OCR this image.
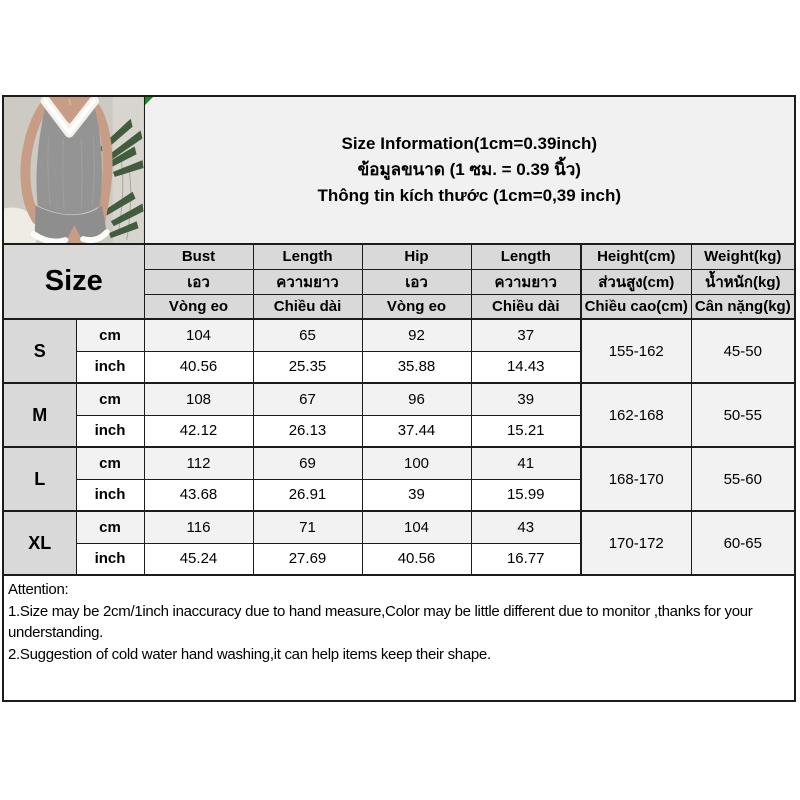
Size Information(1cm=0.39inch)
ข้อมูลขนาด (1 ซม. = 0.39 นิ้ว)
Thông tin kích thước (1cm=0,39 inch)					

Size		Bust	Length	Hip	Length	Height(cm)	Weight(kg)
		เอว	ความยาว	เอว	ความยาว	ส่วนสูง(cm)	น้ำหนัก(kg)
		Vòng eo	Chiều dài	Vòng eo	Chiều dài	Chiều cao(cm)	Cân nặng(kg)
S	cm	104	65	92	37	155-162	45-50
	inch	40.56	25.35	35.88	14.43		
M	cm	108	67	96	39	162-168	50-55
	inch	42.12	26.13	37.44	15.21		
L	cm	112	69	100	41	168-170	55-60
	inch	43.68	26.91	39	15.99		
XL	cm	116	71	104	43	170-172	60-65
	inch	45.24	27.69	40.56	16.77		

Attention:
1.Size may be 2cm/1inch inaccuracy due to hand measure,Color may be little different due to monitor ,thanks for your understanding.
2.Suggestion of cold water hand washing,it can help items keep their shape.							
